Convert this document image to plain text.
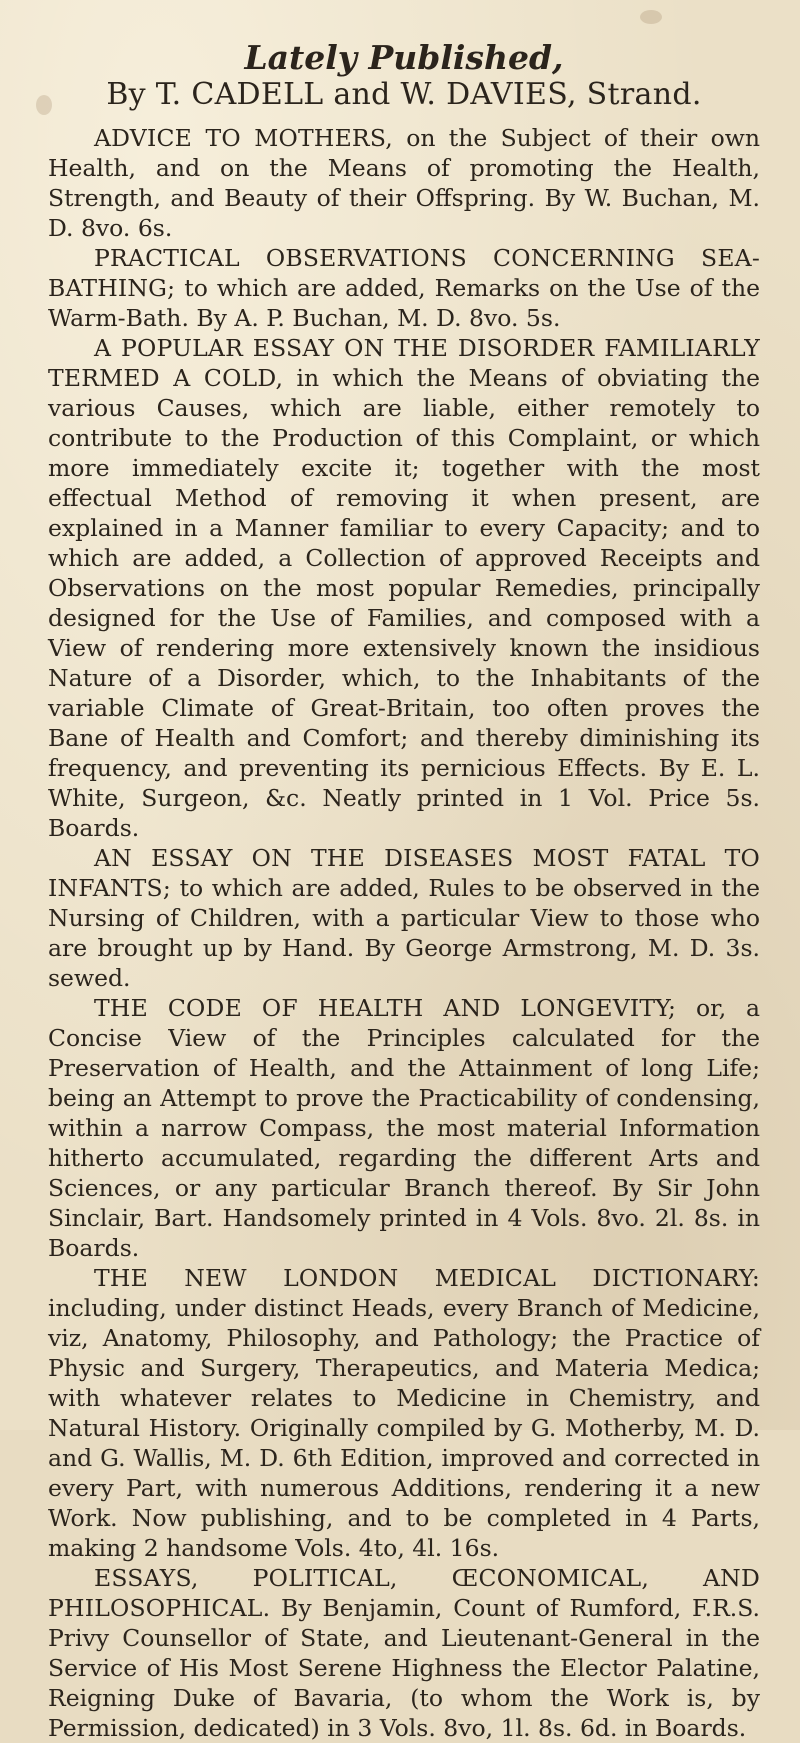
Lately Published,
By T. CADELL and W. DAVIES, Strand.

ADVICE TO MOTHERS, on the Subject of their own Health, and on the Means of promoting the Health, Strength, and Beauty of their Offspring. By W. Buchan, M. D. 8vo. 6s.

PRACTICAL OBSERVATIONS CONCERNING SEA-BATHING; to which are added, Remarks on the Use of the Warm-Bath. By A. P. Buchan, M. D. 8vo. 5s.

A POPULAR ESSAY ON THE DISORDER FAMILIARLY TERMED A COLD, in which the Means of obviating the various Causes, which are liable, either remotely to contribute to the Production of this Complaint, or which more immediately excite it; together with the most effectual Method of removing it when present, are explained in a Manner familiar to every Capacity; and to which are added, a Collection of approved Receipts and Observations on the most popular Remedies, principally designed for the Use of Families, and composed with a View of rendering more extensively known the insidious Nature of a Disorder, which, to the Inhabitants of the variable Climate of Great-Britain, too often proves the Bane of Health and Comfort; and thereby diminishing its frequency, and preventing its pernicious Effects. By E. L. White, Surgeon, &c. Neatly printed in 1 Vol. Price 5s. Boards.

AN ESSAY ON THE DISEASES MOST FATAL TO INFANTS; to which are added, Rules to be observed in the Nursing of Children, with a particular View to those who are brought up by Hand. By George Armstrong, M. D. 3s. sewed.

THE CODE OF HEALTH AND LONGEVITY; or, a Concise View of the Principles calculated for the Preservation of Health, and the Attainment of long Life; being an Attempt to prove the Practicability of condensing, within a narrow Compass, the most material Information hitherto accumulated, regarding the different Arts and Sciences, or any particular Branch thereof. By Sir John Sinclair, Bart. Handsomely printed in 4 Vols. 8vo. 2l. 8s. in Boards.

THE NEW LONDON MEDICAL DICTIONARY: including, under distinct Heads, every Branch of Medicine, viz, Anatomy, Philosophy, and Pathology; the Practice of Physic and Surgery, Therapeutics, and Materia Medica; with whatever relates to Medicine in Chemistry, and Natural History. Originally compiled by G. Motherby, M. D. and G. Wallis, M. D. 6th Edition, improved and corrected in every Part, with numerous Additions, rendering it a new Work. Now publishing, and to be completed in 4 Parts, making 2 handsome Vols. 4to, 4l. 16s.

ESSAYS, POLITICAL, ŒCONOMICAL, AND PHILOSOPHICAL. By Benjamin, Count of Rumford, F.R.S. Privy Counsellor of State, and Lieutenant-General in the Service of His Most Serene Highness the Elector Palatine, Reigning Duke of Bavaria, (to whom the Work is, by Permission, dedicated) in 3 Vols. 8vo, 1l. 8s. 6d. in Boards.
